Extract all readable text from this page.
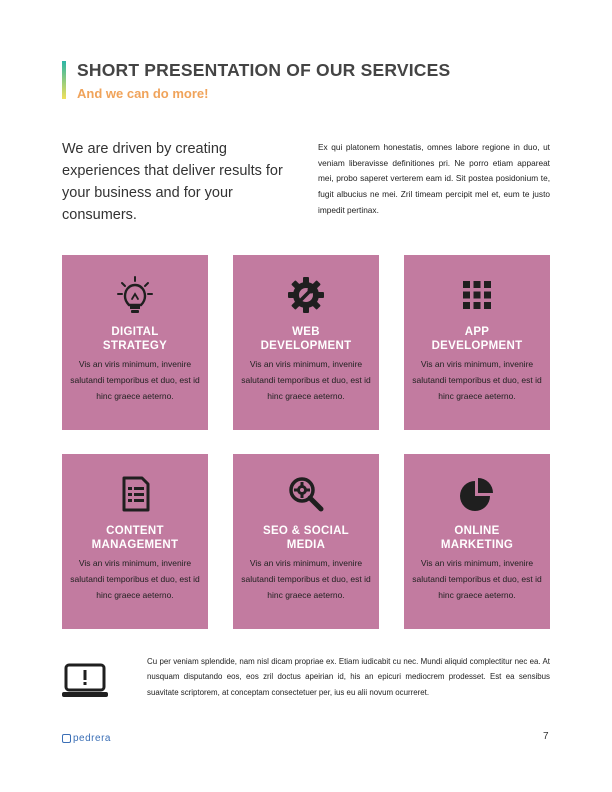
SHORT PRESENTATION OF OUR SERVICES
And we can do more!

We are driven by creating experiences that deliver results for your business and for your consumers.

Ex qui platonem honestatis, omnes labore regione in duo, ut veniam liberavisse definitiones pri. Ne porro etiam appareat mei, probo saperet verterem eam id. Sit postea posidonium te, fugit albucius ne mei. Zril timeam percipit mel et, eum te justo impedit pertinax.

DIGITAL
STRATEGY

Vis an viris minimum, invenire salutandi temporibus et duo, est id hinc graece aeterno.

WEB
DEVELOPMENT

Vis an viris minimum, invenire salutandi temporibus et duo, est id hinc graece aeterno.

APP
DEVELOPMENT

Vis an viris minimum, invenire salutandi temporibus et duo, est id hinc graece aeterno.

CONTENT
MANAGEMENT

Vis an viris minimum, invenire salutandi temporibus et duo, est id hinc graece aeterno.

SEO & SOCIAL
MEDIA

Vis an viris minimum, invenire salutandi temporibus et duo, est id hinc graece aeterno.

ONLINE
MARKETING

Vis an viris minimum, invenire salutandi temporibus et duo, est id hinc graece aeterno.

Cu per veniam splendide, nam nisl dicam propriae ex. Etiam iudicabit cu nec. Mundi aliquid complectitur nec ea. At nusquam disputando eos, eos zril doctus apeirian id, his an epicuri mediocrem prodesset. Est ea sensibus suavitate scriptorem, at conceptam consectetuer per, ius eu alii novum ocurreret.

pedrera	7
